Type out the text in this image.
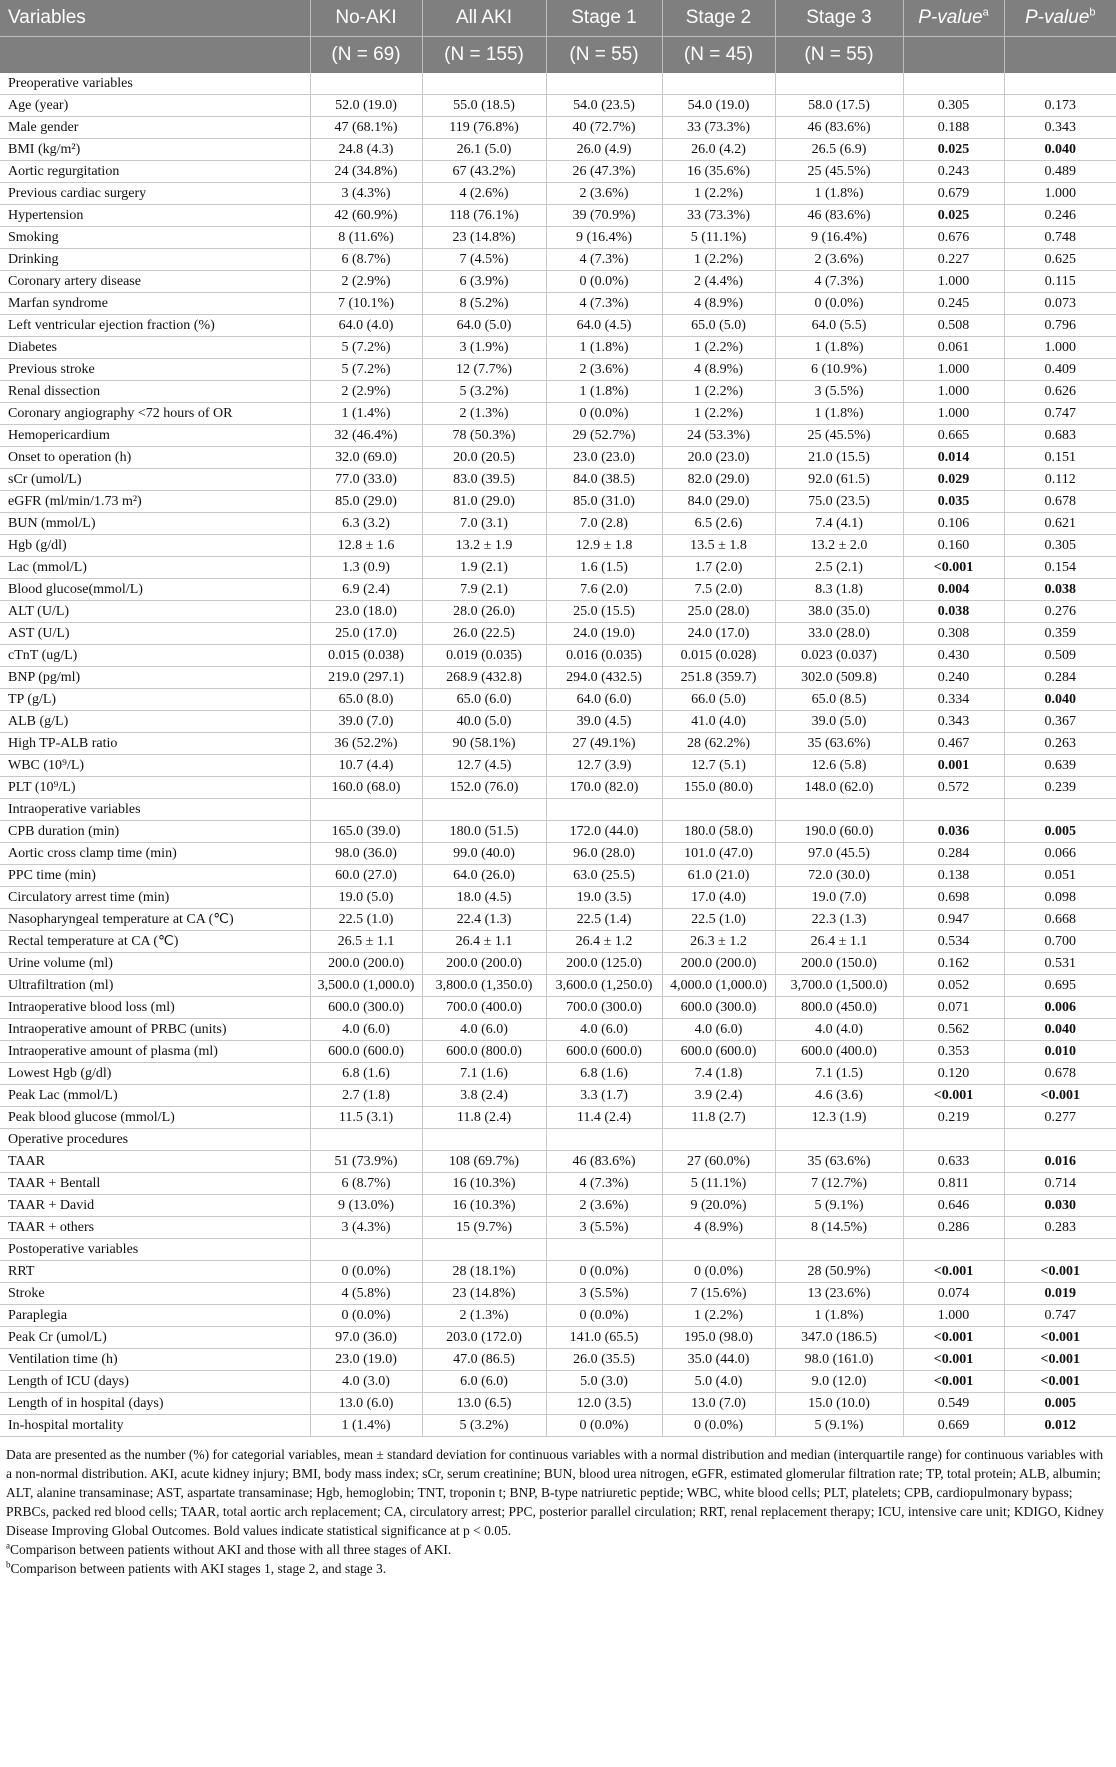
Variables	No-AKI	All AKI	Stage 1	Stage 2	Stage 3	P-value$^a$	P-value$^b$
	(N = 69)	(N = 155)	(N = 55)	(N = 45)	(N = 55)		
Preoperative variables							
Age (year)	52.0 (19.0)	55.0 (18.5)	54.0 (23.5)	54.0 (19.0)	58.0 (17.5)	0.305	0.173
Male gender	47 (68.1%)	119 (76.8%)	40 (72.7%)	33 (73.3%)	46 (83.6%)	0.188	0.343
BMI (kg/m²)	24.8 (4.3)	26.1 (5.0)	26.0 (4.9)	26.0 (4.2)	26.5 (6.9)	0.025	0.040
Aortic regurgitation	24 (34.8%)	67 (43.2%)	26 (47.3%)	16 (35.6%)	25 (45.5%)	0.243	0.489
Previous cardiac surgery	3 (4.3%)	4 (2.6%)	2 (3.6%)	1 (2.2%)	1 (1.8%)	0.679	1.000
Hypertension	42 (60.9%)	118 (76.1%)	39 (70.9%)	33 (73.3%)	46 (83.6%)	0.025	0.246
Smoking	8 (11.6%)	23 (14.8%)	9 (16.4%)	5 (11.1%)	9 (16.4%)	0.676	0.748
Drinking	6 (8.7%)	7 (4.5%)	4 (7.3%)	1 (2.2%)	2 (3.6%)	0.227	0.625
Coronary artery disease	2 (2.9%)	6 (3.9%)	0 (0.0%)	2 (4.4%)	4 (7.3%)	1.000	0.115
Marfan syndrome	7 (10.1%)	8 (5.2%)	4 (7.3%)	4 (8.9%)	0 (0.0%)	0.245	0.073
Left ventricular ejection fraction (%)	64.0 (4.0)	64.0 (5.0)	64.0 (4.5)	65.0 (5.0)	64.0 (5.5)	0.508	0.796
Diabetes	5 (7.2%)	3 (1.9%)	1 (1.8%)	1 (2.2%)	1 (1.8%)	0.061	1.000
Previous stroke	5 (7.2%)	12 (7.7%)	2 (3.6%)	4 (8.9%)	6 (10.9%)	1.000	0.409
Renal dissection	2 (2.9%)	5 (3.2%)	1 (1.8%)	1 (2.2%)	3 (5.5%)	1.000	0.626
Coronary angiography <72 hours of OR	1 (1.4%)	2 (1.3%)	0 (0.0%)	1 (2.2%)	1 (1.8%)	1.000	0.747
Hemopericardium	32 (46.4%)	78 (50.3%)	29 (52.7%)	24 (53.3%)	25 (45.5%)	0.665	0.683
Onset to operation (h)	32.0 (69.0)	20.0 (20.5)	23.0 (23.0)	20.0 (23.0)	21.0 (15.5)	0.014	0.151
sCr (umol/L)	77.0 (33.0)	83.0 (39.5)	84.0 (38.5)	82.0 (29.0)	92.0 (61.5)	0.029	0.112
eGFR (ml/min/1.73 m²)	85.0 (29.0)	81.0 (29.0)	85.0 (31.0)	84.0 (29.0)	75.0 (23.5)	0.035	0.678
BUN (mmol/L)	6.3 (3.2)	7.0 (3.1)	7.0 (2.8)	6.5 (2.6)	7.4 (4.1)	0.106	0.621
Hgb (g/dl)	12.8 ± 1.6	13.2 ± 1.9	12.9 ± 1.8	13.5 ± 1.8	13.2 ± 2.0	0.160	0.305
Lac (mmol/L)	1.3 (0.9)	1.9 (2.1)	1.6 (1.5)	1.7 (2.0)	2.5 (2.1)	<0.001	0.154
Blood glucose(mmol/L)	6.9 (2.4)	7.9 (2.1)	7.6 (2.0)	7.5 (2.0)	8.3 (1.8)	0.004	0.038
ALT (U/L)	23.0 (18.0)	28.0 (26.0)	25.0 (15.5)	25.0 (28.0)	38.0 (35.0)	0.038	0.276
AST (U/L)	25.0 (17.0)	26.0 (22.5)	24.0 (19.0)	24.0 (17.0)	33.0 (28.0)	0.308	0.359
cTnT (ug/L)	0.015 (0.038)	0.019 (0.035)	0.016 (0.035)	0.015 (0.028)	0.023 (0.037)	0.430	0.509
BNP (pg/ml)	219.0 (297.1)	268.9 (432.8)	294.0 (432.5)	251.8 (359.7)	302.0 (509.8)	0.240	0.284
TP (g/L)	65.0 (8.0)	65.0 (6.0)	64.0 (6.0)	66.0 (5.0)	65.0 (8.5)	0.334	0.040
ALB (g/L)	39.0 (7.0)	40.0 (5.0)	39.0 (4.5)	41.0 (4.0)	39.0 (5.0)	0.343	0.367
High TP-ALB ratio	36 (52.2%)	90 (58.1%)	27 (49.1%)	28 (62.2%)	35 (63.6%)	0.467	0.263
WBC (10⁹/L)	10.7 (4.4)	12.7 (4.5)	12.7 (3.9)	12.7 (5.1)	12.6 (5.8)	0.001	0.639
PLT (10⁹/L)	160.0 (68.0)	152.0 (76.0)	170.0 (82.0)	155.0 (80.0)	148.0 (62.0)	0.572	0.239
Intraoperative variables							
CPB duration (min)	165.0 (39.0)	180.0 (51.5)	172.0 (44.0)	180.0 (58.0)	190.0 (60.0)	0.036	0.005
Aortic cross clamp time (min)	98.0 (36.0)	99.0 (40.0)	96.0 (28.0)	101.0 (47.0)	97.0 (45.5)	0.284	0.066
PPC time (min)	60.0 (27.0)	64.0 (26.0)	63.0 (25.5)	61.0 (21.0)	72.0 (30.0)	0.138	0.051
Circulatory arrest time (min)	19.0 (5.0)	18.0 (4.5)	19.0 (3.5)	17.0 (4.0)	19.0 (7.0)	0.698	0.098
Nasopharyngeal temperature at CA (℃)	22.5 (1.0)	22.4 (1.3)	22.5 (1.4)	22.5 (1.0)	22.3 (1.3)	0.947	0.668
Rectal temperature at CA (℃)	26.5 ± 1.1	26.4 ± 1.1	26.4 ± 1.2	26.3 ± 1.2	26.4 ± 1.1	0.534	0.700
Urine volume (ml)	200.0 (200.0)	200.0 (200.0)	200.0 (125.0)	200.0 (200.0)	200.0 (150.0)	0.162	0.531
Ultrafiltration (ml)	3,500.0 (1,000.0)	3,800.0 (1,350.0)	3,600.0 (1,250.0)	4,000.0 (1,000.0)	3,700.0 (1,500.0)	0.052	0.695
Intraoperative blood loss (ml)	600.0 (300.0)	700.0 (400.0)	700.0 (300.0)	600.0 (300.0)	800.0 (450.0)	0.071	0.006
Intraoperative amount of PRBC (units)	4.0 (6.0)	4.0 (6.0)	4.0 (6.0)	4.0 (6.0)	4.0 (4.0)	0.562	0.040
Intraoperative amount of plasma (ml)	600.0 (600.0)	600.0 (800.0)	600.0 (600.0)	600.0 (600.0)	600.0 (400.0)	0.353	0.010
Lowest Hgb (g/dl)	6.8 (1.6)	7.1 (1.6)	6.8 (1.6)	7.4 (1.8)	7.1 (1.5)	0.120	0.678
Peak Lac (mmol/L)	2.7 (1.8)	3.8 (2.4)	3.3 (1.7)	3.9 (2.4)	4.6 (3.6)	<0.001	<0.001
Peak blood glucose (mmol/L)	11.5 (3.1)	11.8 (2.4)	11.4 (2.4)	11.8 (2.7)	12.3 (1.9)	0.219	0.277
Operative procedures							
TAAR	51 (73.9%)	108 (69.7%)	46 (83.6%)	27 (60.0%)	35 (63.6%)	0.633	0.016
TAAR + Bentall	6 (8.7%)	16 (10.3%)	4 (7.3%)	5 (11.1%)	7 (12.7%)	0.811	0.714
TAAR + David	9 (13.0%)	16 (10.3%)	2 (3.6%)	9 (20.0%)	5 (9.1%)	0.646	0.030
TAAR + others	3 (4.3%)	15 (9.7%)	3 (5.5%)	4 (8.9%)	8 (14.5%)	0.286	0.283
Postoperative variables							
RRT	0 (0.0%)	28 (18.1%)	0 (0.0%)	0 (0.0%)	28 (50.9%)	<0.001	<0.001
Stroke	4 (5.8%)	23 (14.8%)	3 (5.5%)	7 (15.6%)	13 (23.6%)	0.074	0.019
Paraplegia	0 (0.0%)	2 (1.3%)	0 (0.0%)	1 (2.2%)	1 (1.8%)	1.000	0.747
Peak Cr (umol/L)	97.0 (36.0)	203.0 (172.0)	141.0 (65.5)	195.0 (98.0)	347.0 (186.5)	<0.001	<0.001
Ventilation time (h)	23.0 (19.0)	47.0 (86.5)	26.0 (35.5)	35.0 (44.0)	98.0 (161.0)	<0.001	<0.001
Length of ICU (days)	4.0 (3.0)	6.0 (6.0)	5.0 (3.0)	5.0 (4.0)	9.0 (12.0)	<0.001	<0.001
Length of in hospital (days)	13.0 (6.0)	13.0 (6.5)	12.0 (3.5)	13.0 (7.0)	15.0 (10.0)	0.549	0.005
In-hospital mortality	1 (1.4%)	5 (3.2%)	0 (0.0%)	0 (0.0%)	5 (9.1%)	0.669	0.012

Data are presented as the number (%) for categorial variables, mean ± standard deviation for continuous variables with a normal distribution and median (interquartile range) for continuous variables with a non-normal distribution. AKI, acute kidney injury; BMI, body mass index; sCr, serum creatinine; BUN, blood urea nitrogen, eGFR, estimated glomerular filtration rate; TP, total protein; ALB, albumin; ALT, alanine transaminase; AST, aspartate transaminase; Hgb, hemoglobin; TNT, troponin t; BNP, B-type natriuretic peptide; WBC, white blood cells; PLT, platelets; CPB, cardiopulmonary bypass; PRBCs, packed red blood cells; TAAR, total aortic arch replacement; CA, circulatory arrest; PPC, posterior parallel circulation; RRT, renal replacement therapy; ICU, intensive care unit; KDIGO, Kidney Disease Improving Global Outcomes. Bold values indicate statistical significance at p < 0.05.

$^a$Comparison between patients without AKI and those with all three stages of AKI.

$^b$Comparison between patients with AKI stages 1, stage 2, and stage 3.
